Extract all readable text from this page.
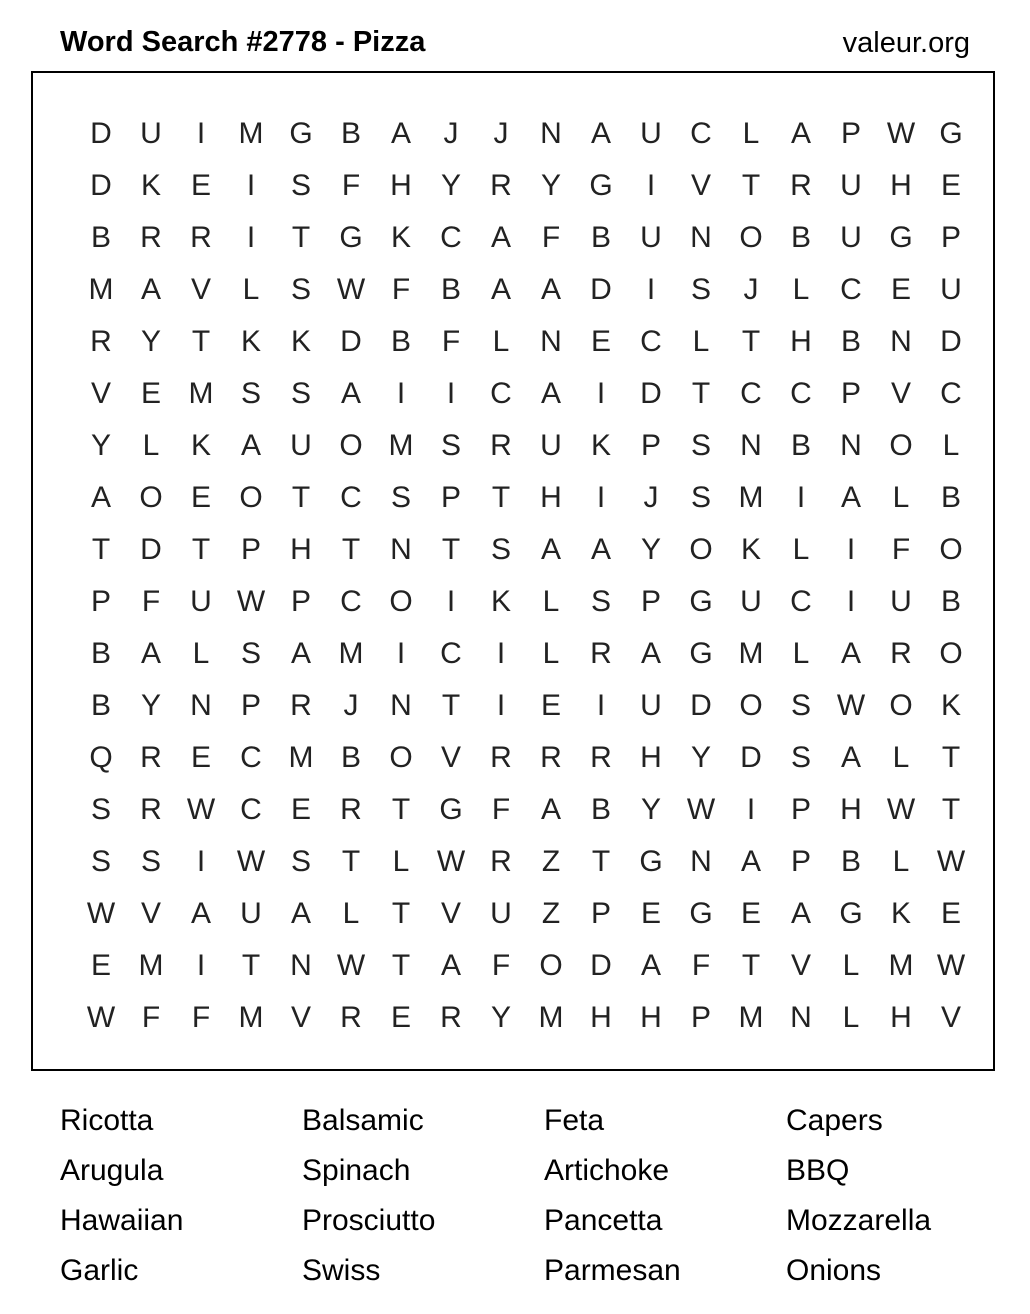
Word Search #2778 - Pizza	valeur.org
D U	I	M G B A	J	J	N A U C	L	A P W G
D K E	I	S	F	H Y R Y G	I	V	T	R U H E
B R R	I	T G K C A	F	B U N O B U G P
M A V	L	S W F	B A A D	I	S	J	L	C E U
R Y	T	K K D B	F	L	N E C	L	T	H B N D
V E M S S A	I	I	C A	I	D	T	C C P V C
Y	L	K A U O M S R U K P S N B N O L
A O E O T	C S P	T	H	I	J	S M	I	A	L	B
T	D	T	P H	T	N	T	S A A Y O K	L	I	F O
P	F	U W P C O	I	K	L	S P G U C	I	U B
B A	L	S A M	I	C	I	L	R A G M L	A R O
B Y N P R	J	N	T	I	E	I	U D O S W O K
Q R E C M B O V R R R H Y D S A	L	T
S R W C E R	T G F	A B Y W	I	P H W T
S S	I	W S	T	L W R	Z	T G N A P B	L W
W V A U A	L	T	V U	Z	P E G E A G K E
E M	I	T	N W T	A	F O D A	F	T	V	L M W
W F	F M V R E R Y M H H P M N	L	H V
Ricotta	Balsamic	Feta	Capers
Arugula	Spinach	Artichoke	BBQ
Hawaiian	Prosciutto	Pancetta	Mozzarella
Garlic	Swiss	Parmesan	Onions
